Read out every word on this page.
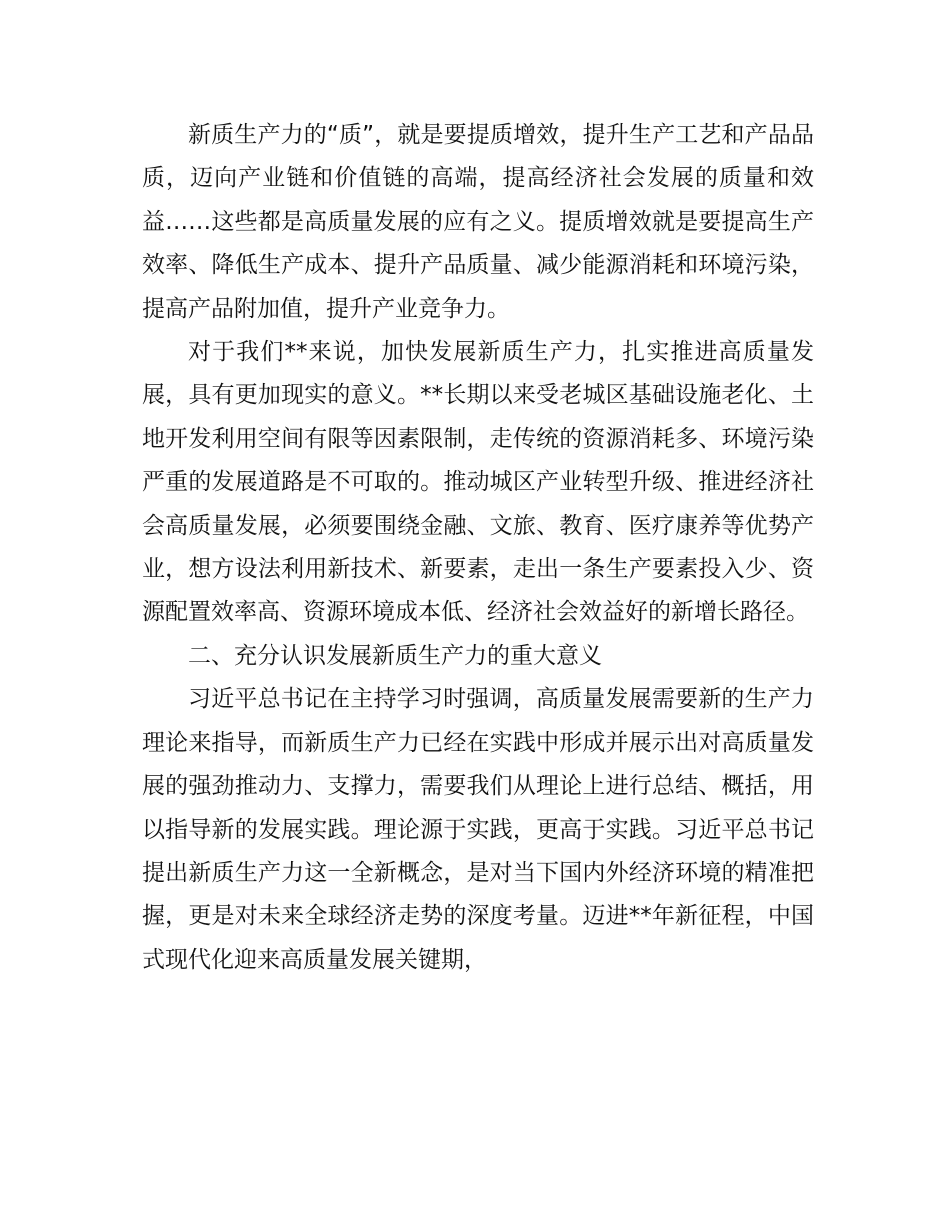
新质生产力的“质”，就是要提质增效，提升生产工艺和产品品质，迈向产业链和价值链的高端，提高经济社会发展的质量和效益……这些都是高质量发展的应有之义。提质增效就是要提高生产效率、降低生产成本、提升产品质量、减少能源消耗和环境污染，提高产品附加值，提升产业竞争力。

对于我们**来说，加快发展新质生产力，扎实推进高质量发展，具有更加现实的意义。**长期以来受老城区基础设施老化、土地开发利用空间有限等因素限制，走传统的资源消耗多、环境污染严重的发展道路是不可取的。推动城区产业转型升级、推进经济社会高质量发展，必须要围绕金融、文旅、教育、医疗康养等优势产业，想方设法利用新技术、新要素，走出一条生产要素投入少、资源配置效率高、资源环境成本低、经济社会效益好的新增长路径。

二、充分认识发展新质生产力的重大意义

习近平总书记在主持学习时强调，高质量发展需要新的生产力理论来指导，而新质生产力已经在实践中形成并展示出对高质量发展的强劲推动力、支撑力，需要我们从理论上进行总结、概括，用以指导新的发展实践。理论源于实践，更高于实践。习近平总书记提出新质生产力这一全新概念，是对当下国内外经济环境的精准把握，更是对未来全球经济走势的深度考量。迈进**年新征程，中国式现代化迎来高质量发展关键期，
